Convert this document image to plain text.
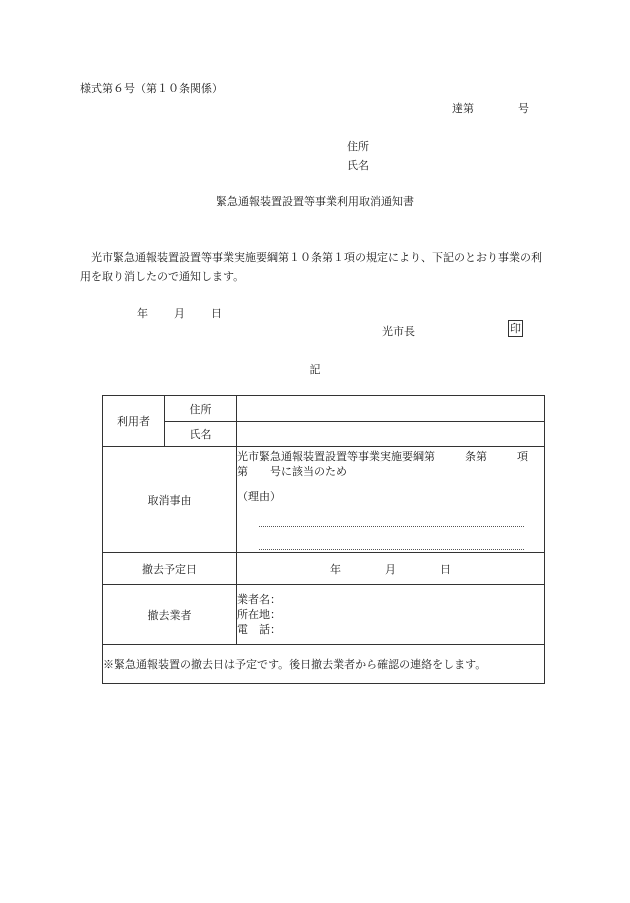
様式第６号（第１０条関係）
達第	号
住所
氏名
緊急通報装置設置等事業利用取消通知書
光市緊急通報装置設置等事業実施要綱第１０条第１項の規定により、下記のとおり事業の利用を取り消したので通知します。
年 月 日
光市長	印
記
利用者	住所	
	氏名	
取消事由		光市緊急通報装置設置等事業実施要綱第 条第 項
第 号に該当のため
（理由）

撤去予定日		年 月 日
撤去業者		業者名：
所在地：
電　話：

※緊急通報装置の撤去日は予定です。後日撤去業者から確認の連絡をします。		
